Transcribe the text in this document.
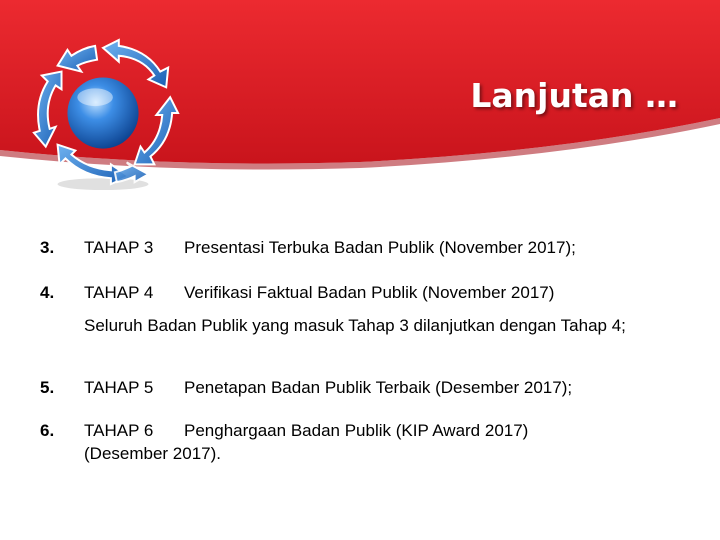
Lanjutan …
3. TAHAP 3 Presentasi Terbuka Badan Publik (November 2017);
4. TAHAP 4 Verifikasi Faktual Badan Publik (November 2017)
Seluruh Badan Publik yang masuk Tahap 3 dilanjutkan dengan Tahap 4;
5. TAHAP 5 Penetapan Badan Publik Terbaik (Desember 2017);
6. TAHAP 6 Penghargaan Badan Publik (KIP Award 2017)
(Desember 2017).
